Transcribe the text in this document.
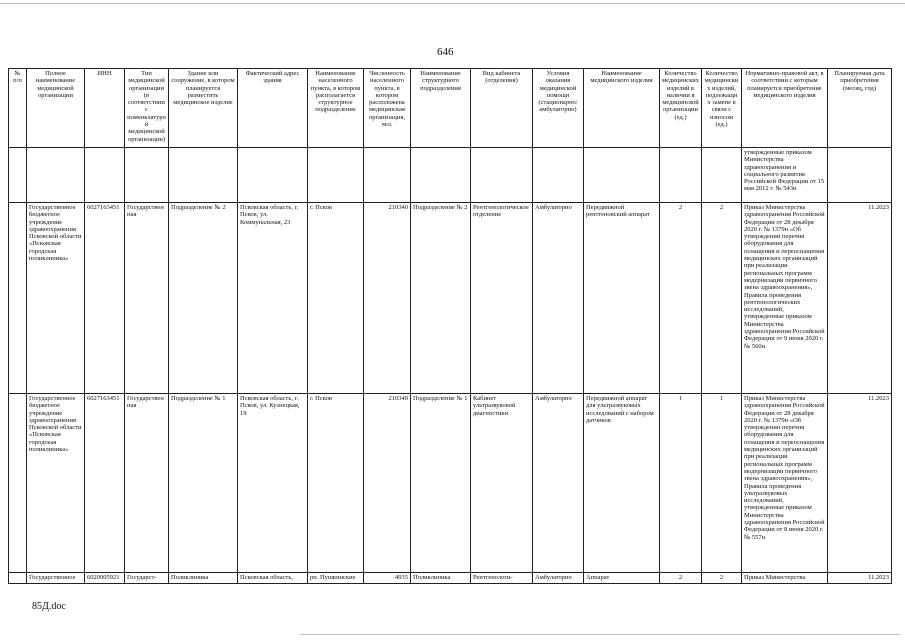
646
№ п/п	Полное наименование медицинской организации	ИНН	Тип медицинской организации (в соответствии с номенклатурой медицинской организации)	Здание или сооружение, в котором планируется разместить медицинское изделие	Фактический адрес здания	Наименование населенного пункта, в котором располагается структурное подразделение	Численность населенного пункта, в котором расположена медицинская организация, чел.	Наименование структурного подразделения	Вид кабинета (отделения)	Условия оказания медицинской помощи (стационарно/амбулаторно)	Наименование медицинского изделия	Количество медицинских изделий в наличии в медицинской организации (ед.)	Количество медицинских изделий, подлежащих замене в связи с износом (ед.)	Нормативно-правовой акт, в соответствии с которым планируется приобретение медицинского изделия	Планируемая дата приобретения (месяц, год)
														утвержденные приказом Министерства здравоохранения и социального развития Российской Федерации от 15 мая 2012 г. № 543н	
	Государственное бюджетное учреждение здравоохранения Псковской области «Псковская городская поликлиника»	6027163451	Государственная	Подразделение № 2	Псковская область, г. Псков, ул. Коммунальная, 23	г. Псков	210340	Подразделение № 2	Рентгенологическое отделение	Амбулаторно	Передвижной рентгеновский аппарат	2	2	Приказ Министерства здравоохранения Российской Федерации от 28 декабря 2020 г. № 1379н «Об утверждении перечня оборудования для оснащения и переоснащения медицинских организаций при реализации региональных программ модернизации первичного звена здравоохранения», Правила проведения рентгенологических исследований, утвержденные приказом Министерства здравоохранения Российской Федерации от 9 июня 2020 г. № 560н	11.2023
	Государственное бюджетное учреждение здравоохранения Псковской области «Псковская городская поликлиника»	6027163451	Государственная	Подразделение № 1	Псковская область, г. Псков, ул. Кузнецкая, 19	г. Псков	210340	Подразделение № 1	Кабинет ультразвуковой диагностики	Амбулаторно	Передвижной аппарат для ультразвуковых исследований с набором датчиков	1	1	Приказ Министерства здравоохранения Российской Федерации от 28 декабря 2020 г. № 1379н «Об утверждении перечня оборудования для оснащения и переоснащения медицинских организаций при реализации региональных программ модернизации первичного звена здравоохранения», Правила проведения ультразвуковых исследований, утвержденные приказом Министерства здравоохранения Российской Федерации от 8 июня 2020 г. № 557н	11.2023
	Государственное	6020005921	Государст-	Поликлиника	Псковская область,	рп. Пушкинские	4935	Поликлиника	Рентгенологи-	Амбулаторно	Аппарат	2	2	Приказ Министерства	11.2023
85Д.doc
